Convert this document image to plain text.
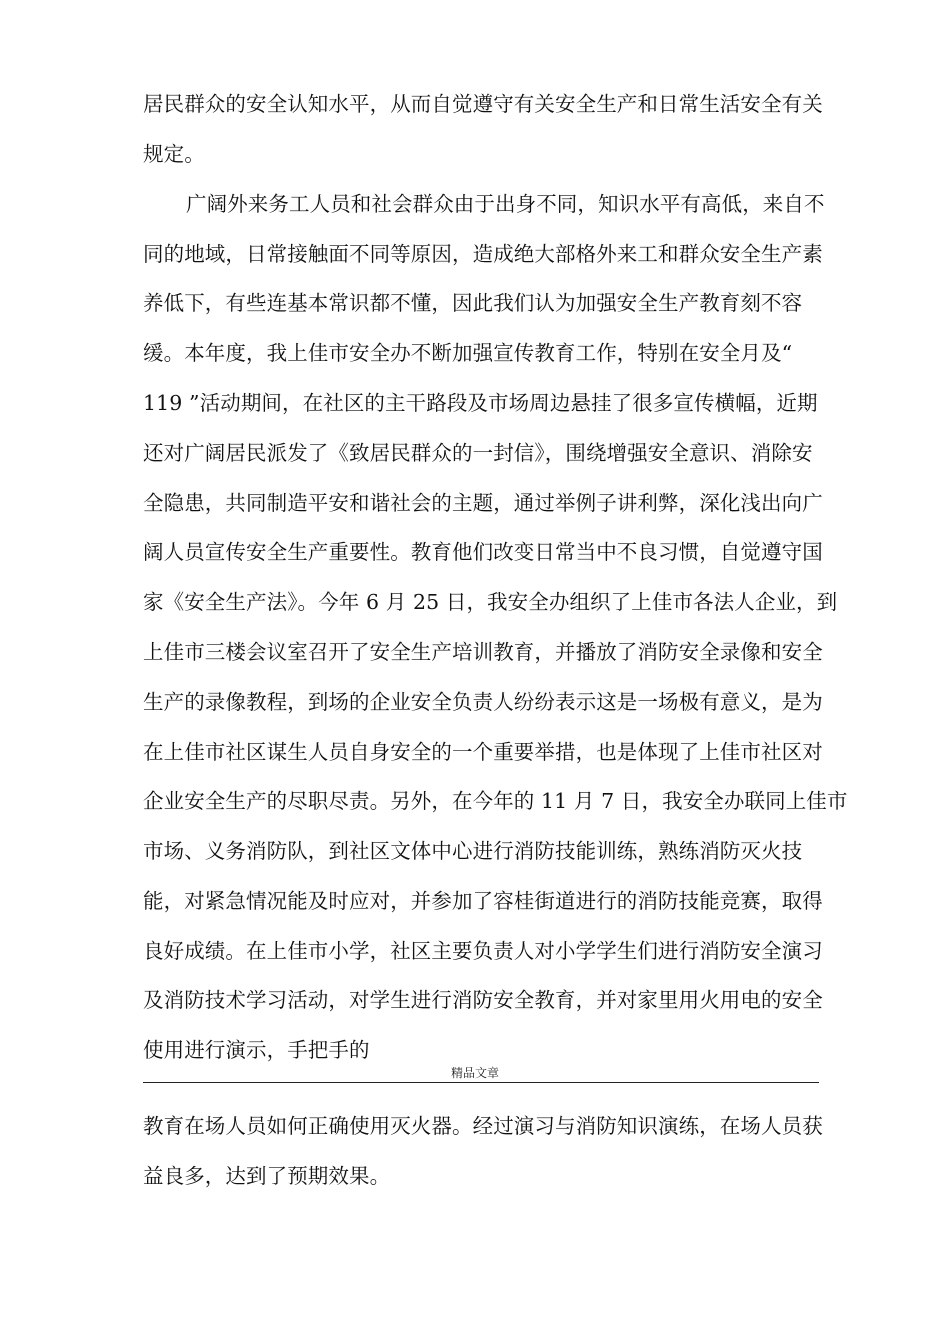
居民群众的安全认知水平，从而自觉遵守有关安全生产和日常生活安全有关
规定。
广阔外来务工人员和社会群众由于出身不同，知识水平有高低，来自不
同的地域，日常接触面不同等原因，造成绝大部格外来工和群众安全生产素
养低下，有些连基本常识都不懂，因此我们认为加强安全生产教育刻不容
缓。本年度，我上佳市安全办不断加强宣传教育工作，特别在安全月及“
119 ”活动期间，在社区的主干路段及市场周边悬挂了很多宣传横幅，近期
还对广阔居民派发了《致居民群众的一封信》，围绕增强安全意识、消除安
全隐患，共同制造平安和谐社会的主题，通过举例子讲利弊，深化浅出向广
阔人员宣传安全生产重要性。教育他们改变日常当中不良习惯，自觉遵守国
家《安全生产法》。今年 6 月 25 日，我安全办组织了上佳市各法人企业，到
上佳市三楼会议室召开了安全生产培训教育，并播放了消防安全录像和安全
生产的录像教程，到场的企业安全负责人纷纷表示这是一场极有意义，是为
在上佳市社区谋生人员自身安全的一个重要举措，也是体现了上佳市社区对
企业安全生产的尽职尽责。另外，在今年的 11 月 7 日，我安全办联同上佳市
市场、义务消防队，到社区文体中心进行消防技能训练，熟练消防灭火技
能，对紧急情况能及时应对，并参加了容桂街道进行的消防技能竞赛，取得
良好成绩。在上佳市小学，社区主要负责人对小学学生们进行消防安全演习
及消防技术学习活动，对学生进行消防安全教育，并对家里用火用电的安全
使用进行演示，手把手的
精品文章
教育在场人员如何正确使用灭火器。经过演习与消防知识演练，在场人员获
益良多，达到了预期效果。
